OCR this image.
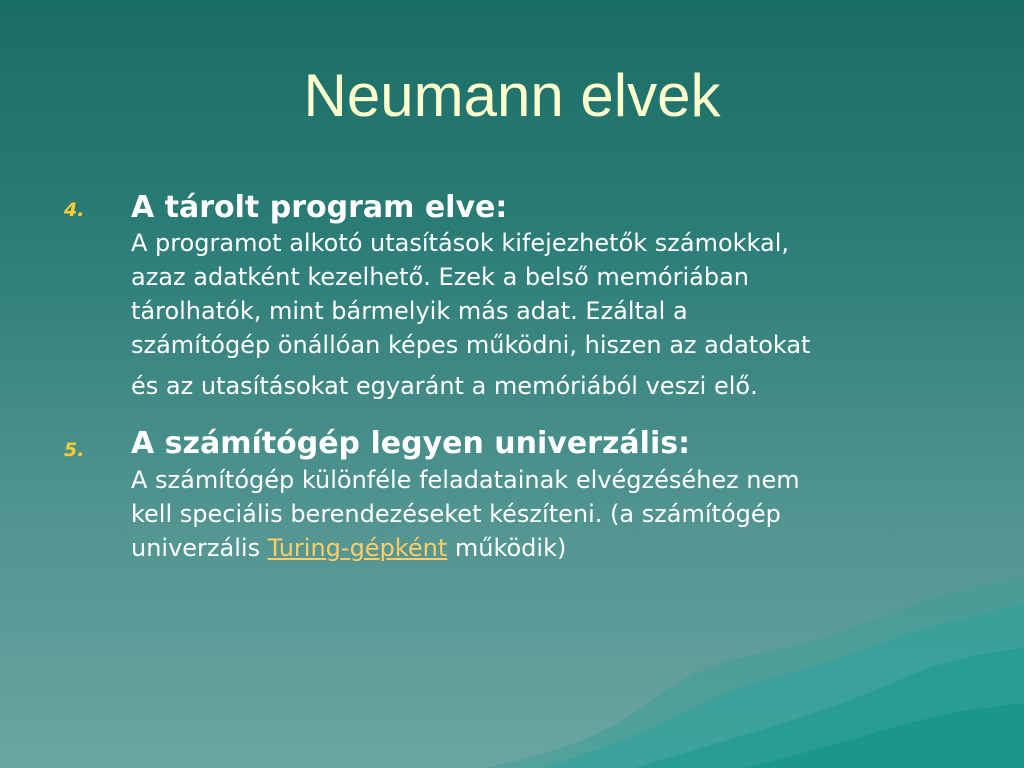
Neumann elvek
4. A tárolt program elve:
A programot alkotó utasítások kifejezhetők számokkal,
azaz adatként kezelhető. Ezek a belső memóriában
tárolhatók, mint bármelyik más adat. Ezáltal a
számítógép önállóan képes működni, hiszen az adatokat
és az utasításokat egyaránt a memóriából veszi elő.
5. A számítógép legyen univerzális:
A számítógép különféle feladatainak elvégzéséhez nem
kell speciális berendezéseket készíteni. (a számítógép
univerzális Turing-gépként működik)
